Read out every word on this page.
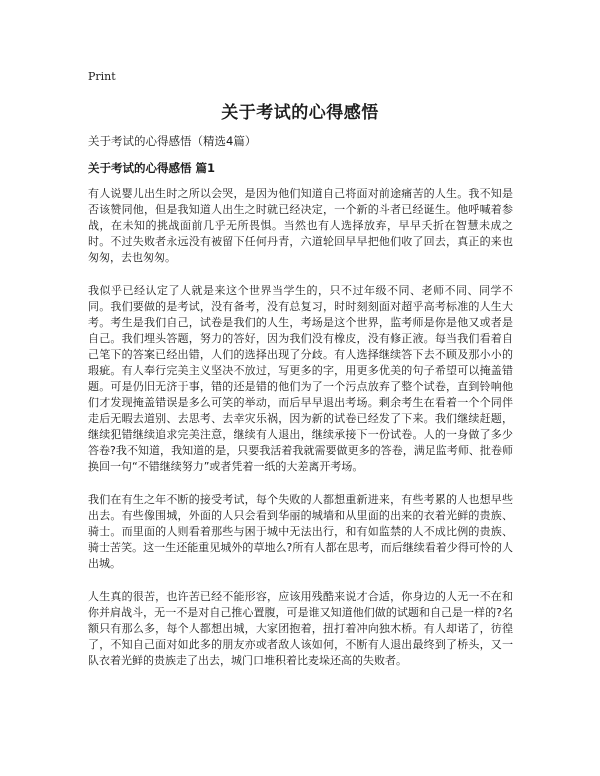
Print
关于考试的心得感悟
关于考试的心得感悟（精选4篇）
关于考试的心得感悟 篇1

有人说婴儿出生时之所以会哭，是因为他们知道自己将面对前途痛苦的人生。我不知是否该赞同他，但是我知道人出生之时就已经决定，一个新的斗者已经诞生。他呼喊着参战，在未知的挑战面前几乎无所畏惧。当然也有人选择放弃，早早夭折在智慧未成之时。不过失败者永远没有被留下任何丹青，六道轮回早早把他们收了回去，真正的来也匆匆，去也匆匆。

我似乎已经认定了人就是来这个世界当学生的，只不过年级不同、老师不同、同学不同。我们要做的是考试，没有备考，没有总复习，时时刻刻面对超乎高考标准的人生大考。考生是我们自己，试卷是我们的人生，考场是这个世界，监考师是你是他又或者是自己。我们埋头答题，努力的答好，因为我们没有橡皮，没有修正液。每当我们看着自己笔下的答案已经出错，人们的选择出现了分歧。有人选择继续答下去不顾及那小小的瑕疵。有人奉行完美主义坚决不放过，写更多的字，用更多优美的句子希望可以掩盖错题。可是仍旧无济于事，错的还是错的他们为了一个污点放弃了整个试卷，直到铃响他们才发现掩盖错误是多么可笑的举动，而后早早退出考场。剩余考生在看着一个个同伴走后无暇去道别、去思考、去幸灾乐祸，因为新的试卷已经发了下来。我们继续赶题，继续犯错继续追求完美注意，继续有人退出，继续承接下一份试卷。人的一身做了多少答卷?我不知道，我知道的是，只要我活着我就需要做更多的答卷，满足监考师、批卷师换回一句“不错继续努力”或者凭着一纸的大差离开考场。

我们在有生之年不断的接受考试，每个失败的人都想重新进来，有些考累的人也想早些出去。有些像围城，外面的人只会看到华丽的城墙和从里面的出来的衣着光鲜的贵族、骑士。而里面的人则看着那些与困于城中无法出行，和有如监禁的人不成比例的贵族、骑士苦笑。这一生还能重见城外的草地么?所有人都在思考，而后继续看着少得可怜的人出城。

人生真的很苦，也许苦已经不能形容，应该用残酷来说才合适，你身边的人无一不在和你并肩战斗，无一不是对自己推心置腹，可是谁又知道他们做的试题和自己是一样的?名额只有那么多，每个人都想出城，大家团抱着，扭打着冲向独木桥。有人却诺了，彷徨了，不知自己面对如此多的朋友亦或者敌人该如何，不断有人退出最终到了桥头，又一队衣着光鲜的贵族走了出去，城门口堆积着比麦垛还高的失败者。
